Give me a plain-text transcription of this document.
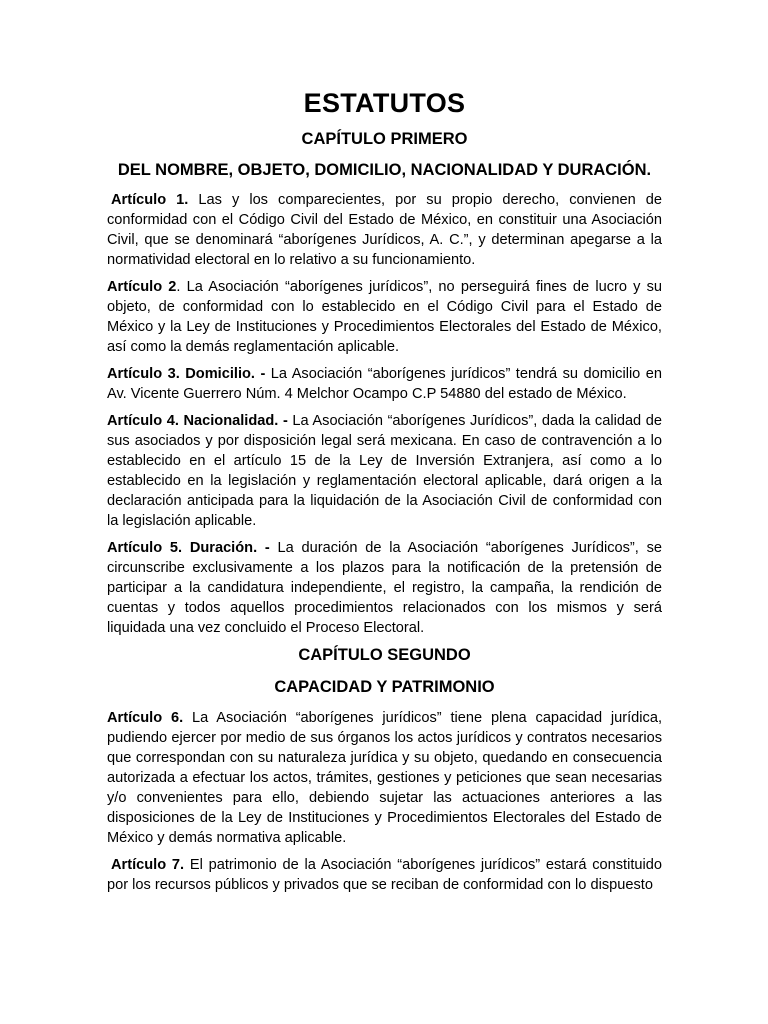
ESTATUTOS
CAPÍTULO PRIMERO
DEL NOMBRE, OBJETO, DOMICILIO, NACIONALIDAD Y DURACIÓN.

Artículo 1. Las y los comparecientes, por su propio derecho, convienen de conformidad con el Código Civil del Estado de México, en constituir una Asociación Civil, que se denominará “aborígenes Jurídicos, A. C.”, y determinan apegarse a la normatividad electoral en lo relativo a su funcionamiento.

Artículo 2. La Asociación “aborígenes jurídicos”, no perseguirá fines de lucro y su objeto, de conformidad con lo establecido en el Código Civil para el Estado de México y la Ley de Instituciones y Procedimientos Electorales del Estado de México, así como la demás reglamentación aplicable.

Artículo 3. Domicilio. - La Asociación “aborígenes jurídicos” tendrá su domicilio en Av. Vicente Guerrero Núm. 4 Melchor Ocampo C.P 54880 del estado de México.

Artículo 4. Nacionalidad. - La Asociación “aborígenes Jurídicos”, dada la calidad de sus asociados y por disposición legal será mexicana. En caso de contravención a lo establecido en el artículo 15 de la Ley de Inversión Extranjera, así como a lo establecido en la legislación y reglamentación electoral aplicable, dará origen a la declaración anticipada para la liquidación de la Asociación Civil de conformidad con la legislación aplicable.

Artículo 5. Duración. - La duración de la Asociación “aborígenes Jurídicos”, se circunscribe exclusivamente a los plazos para la notificación de la pretensión de participar a la candidatura independiente, el registro, la campaña, la rendición de cuentas y todos aquellos procedimientos relacionados con los mismos y será liquidada una vez concluido el Proceso Electoral.

CAPÍTULO SEGUNDO
CAPACIDAD Y PATRIMONIO

Artículo 6. La Asociación “aborígenes jurídicos” tiene plena capacidad jurídica, pudiendo ejercer por medio de sus órganos los actos jurídicos y contratos necesarios que correspondan con su naturaleza jurídica y su objeto, quedando en consecuencia autorizada a efectuar los actos, trámites, gestiones y peticiones que sean necesarias y/o convenientes para ello, debiendo sujetar las actuaciones anteriores a las disposiciones de la Ley de Instituciones y Procedimientos Electorales del Estado de México y demás normativa aplicable.

Artículo 7. El patrimonio de la Asociación “aborígenes jurídicos” estará constituido por los recursos públicos y privados que se reciban de conformidad con lo dispuesto
